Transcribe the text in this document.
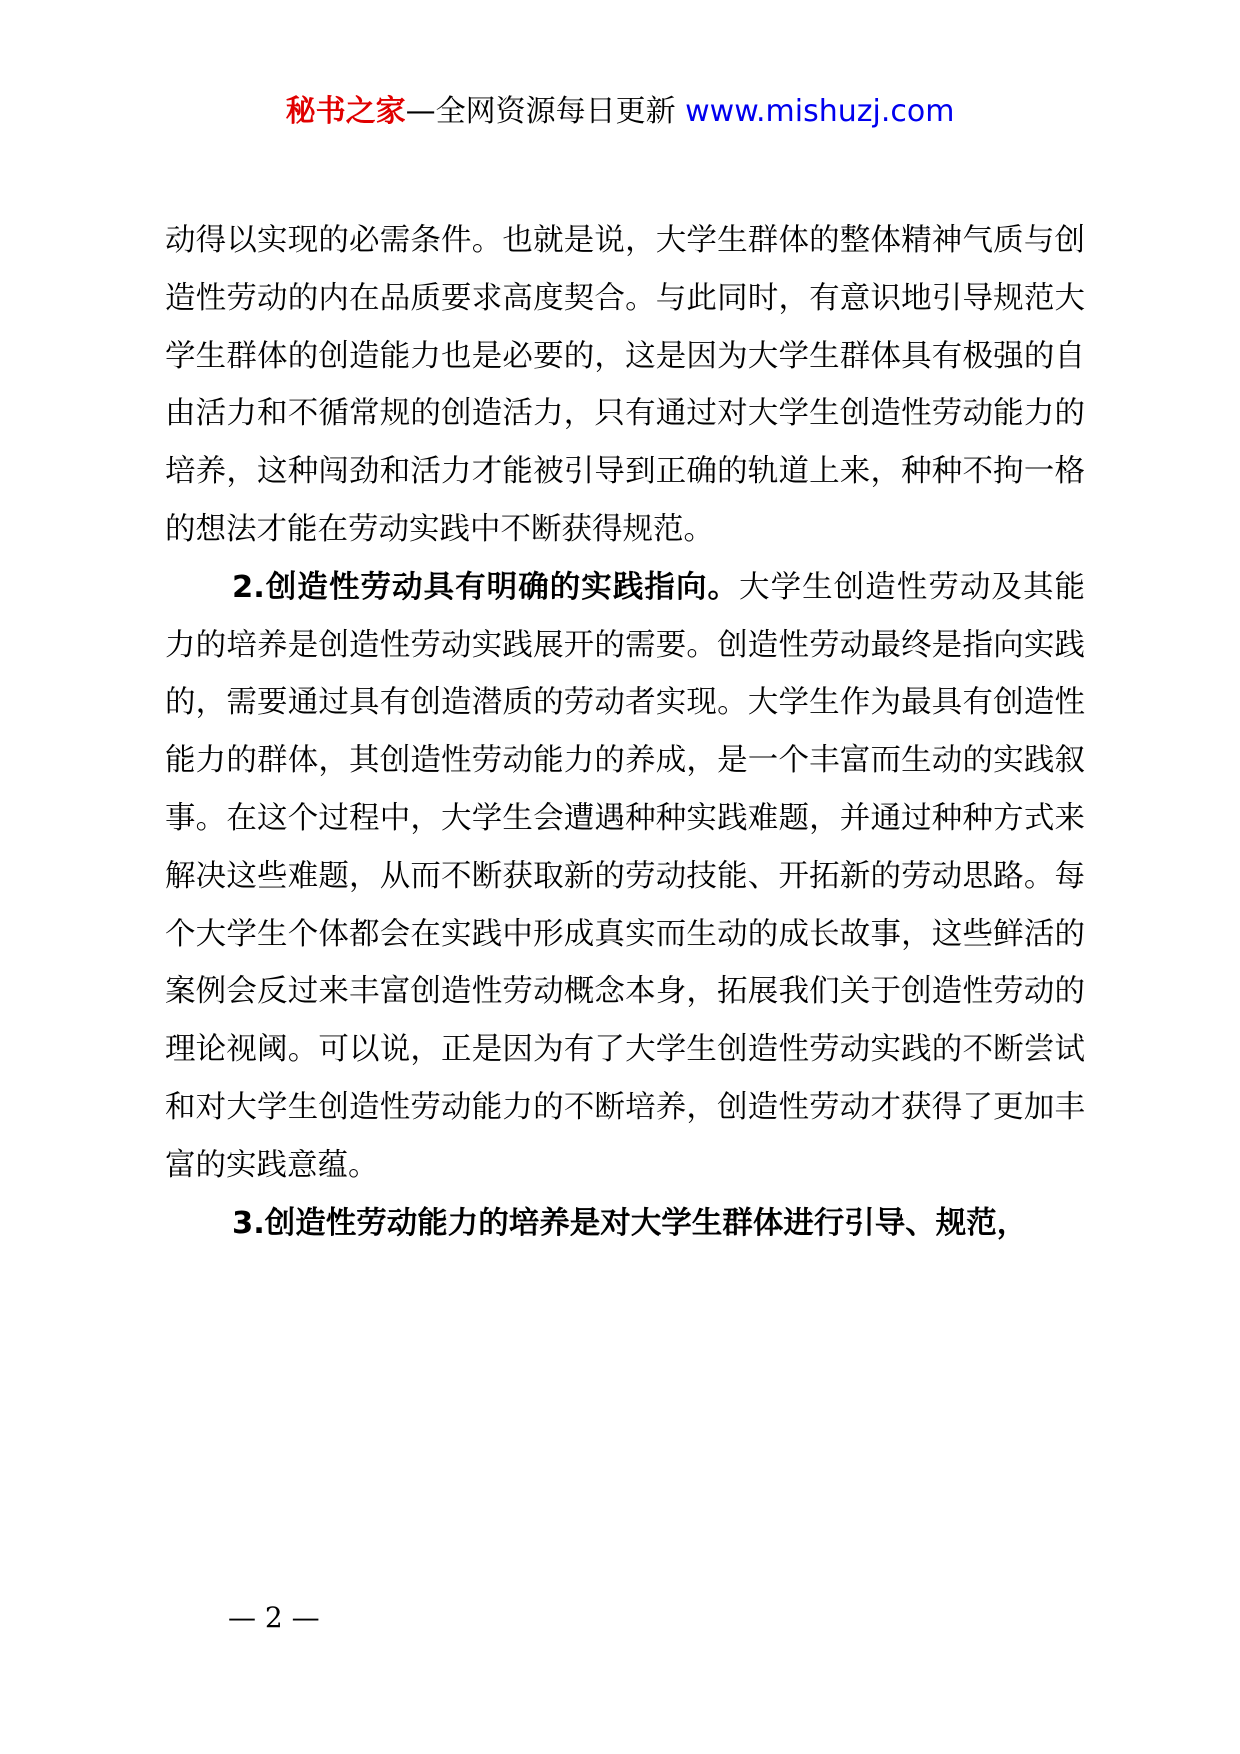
秘书之家—全网资源每日更新 www.mishuzj.com

动得以实现的必需条件。也就是说，大学生群体的整体精神气质与创造性劳动的内在品质要求高度契合。与此同时，有意识地引导规范大学生群体的创造能力也是必要的，这是因为大学生群体具有极强的自由活力和不循常规的创造活力，只有通过对大学生创造性劳动能力的培养，这种闯劲和活力才能被引导到正确的轨道上来，种种不拘一格的想法才能在劳动实践中不断获得规范。

2.创造性劳动具有明确的实践指向。大学生创造性劳动及其能力的培养是创造性劳动实践展开的需要。创造性劳动最终是指向实践的，需要通过具有创造潜质的劳动者实现。大学生作为最具有创造性能力的群体，其创造性劳动能力的养成，是一个丰富而生动的实践叙事。在这个过程中，大学生会遭遇种种实践难题，并通过种种方式来解决这些难题，从而不断获取新的劳动技能、开拓新的劳动思路。每个大学生个体都会在实践中形成真实而生动的成长故事，这些鲜活的案例会反过来丰富创造性劳动概念本身，拓展我们关于创造性劳动的理论视阈。可以说，正是因为有了大学生创造性劳动实践的不断尝试和对大学生创造性劳动能力的不断培养，创造性劳动才获得了更加丰富的实践意蕴。

3.创造性劳动能力的培养是对大学生群体进行引导、规范，

— 2 —
